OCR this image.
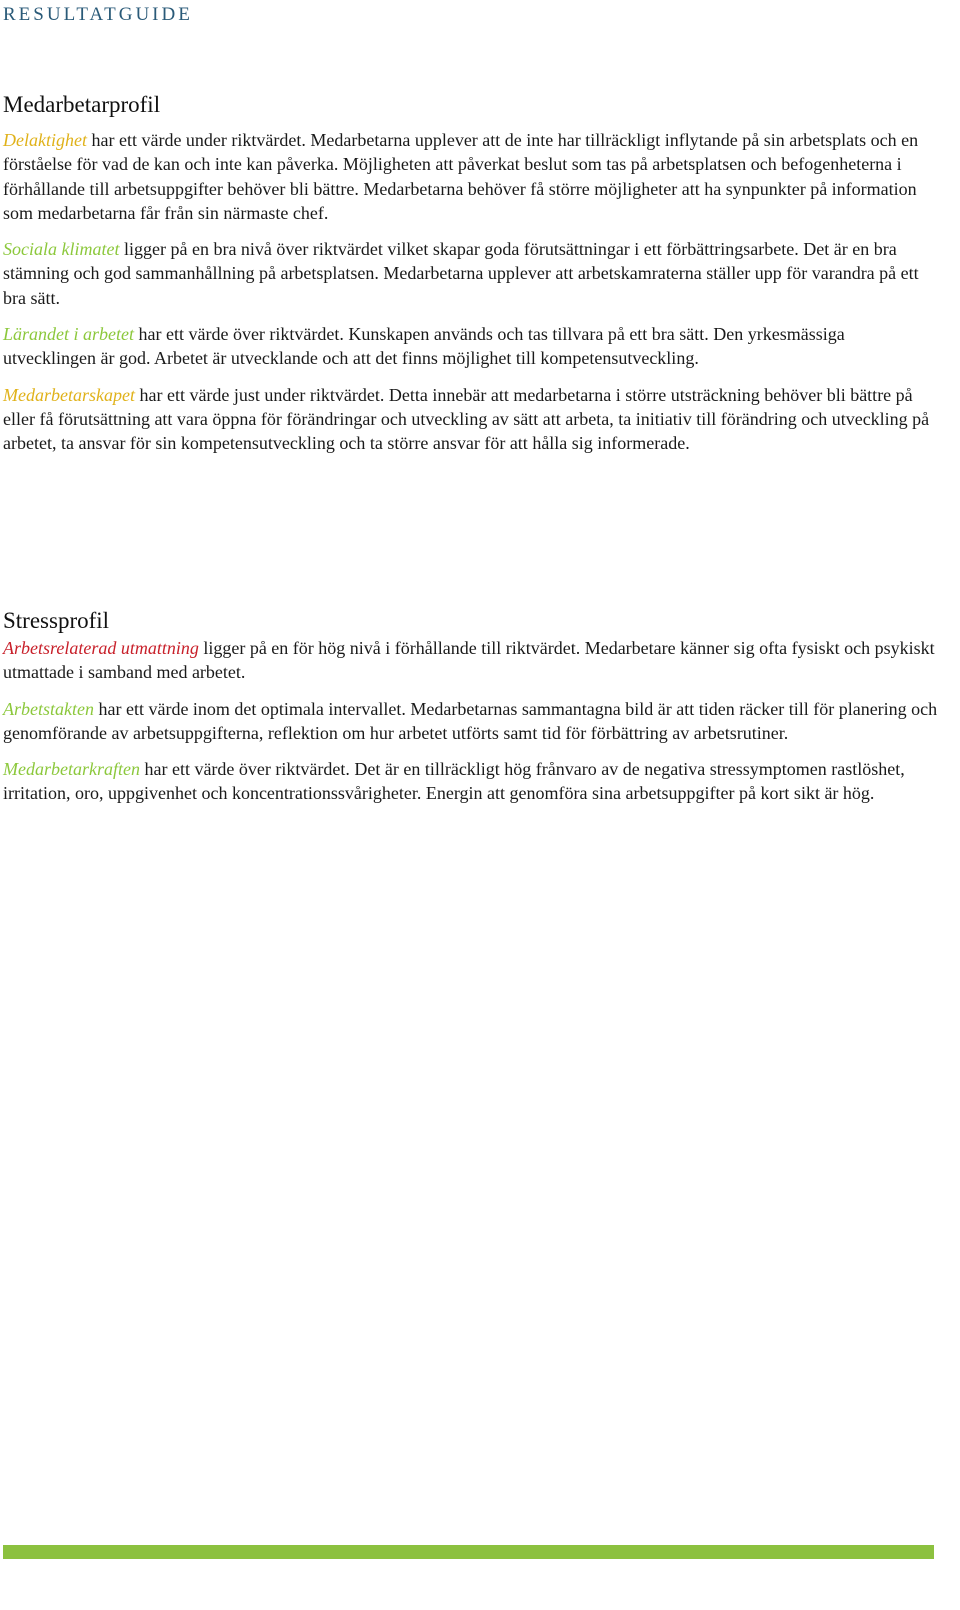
RESULTATGUIDE
Medarbetarprofil

Delaktighet har ett värde under riktvärdet. Medarbetarna upplever att de inte har tillräckligt inflytande på sin arbetsplats och en förståelse för vad de kan och inte kan påverka. Möjligheten att påverkat beslut som tas på arbetsplatsen och befogenheterna i förhållande till arbetsuppgifter behöver bli bättre. Medarbetarna behöver få större möjligheter att ha synpunkter på information som medarbetarna får från sin närmaste chef.

Sociala klimatet ligger på en bra nivå över riktvärdet vilket skapar goda förutsättningar i ett förbättringsarbete. Det är en bra stämning och god sammanhållning på arbetsplatsen. Medarbetarna upplever att arbetskamraterna ställer upp för varandra på ett bra sätt.

Lärandet i arbetet har ett värde över riktvärdet. Kunskapen används och tas tillvara på ett bra sätt. Den yrkesmässiga utvecklingen är god. Arbetet är utvecklande och att det finns möjlighet till kompetensutveckling.

Medarbetarskapet har ett värde just under riktvärdet. Detta innebär att medarbetarna i större utsträckning behöver bli bättre på eller få förutsättning att vara öppna för förändringar och utveckling av sätt att arbeta, ta initiativ till förändring och utveckling på arbetet, ta ansvar för sin kompetensutveckling och ta större ansvar för att hålla sig informerade.

Stressprofil

Arbetsrelaterad utmattning ligger på en för hög nivå i förhållande till riktvärdet. Medarbetare känner sig ofta fysiskt och psykiskt utmattade i samband med arbetet.

Arbetstakten har ett värde inom det optimala intervallet. Medarbetarnas sammantagna bild är att tiden räcker till för planering och genomförande av arbetsuppgifterna, reflektion om hur arbetet utförts samt tid för förbättring av arbetsrutiner.

Medarbetarkraften har ett värde över riktvärdet. Det är en tillräckligt hög frånvaro av de negativa stressymptomen rastlöshet, irritation, oro, uppgivenhet och koncentrationssvårigheter. Energin att genomföra sina arbetsuppgifter på kort sikt är hög.
